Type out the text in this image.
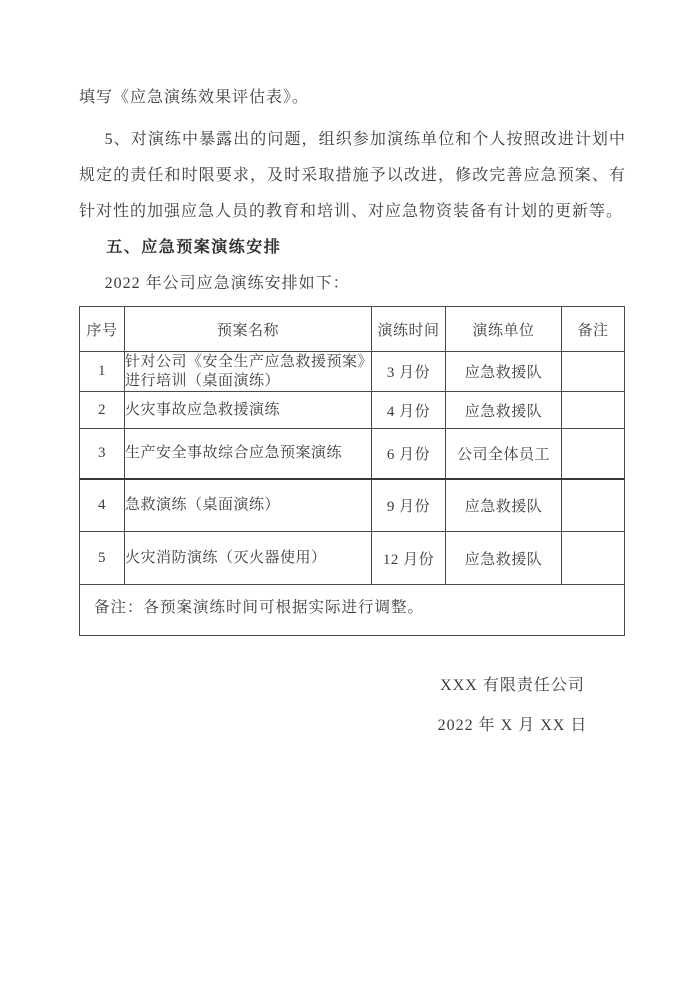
填写《应急演练效果评估表》。

5、对演练中暴露出的问题，组织参加演练单位和个人按照改进计划中规定的责任和时限要求，及时采取措施予以改进，修改完善应急预案、有针对性的加强应急人员的教育和培训、对应急物资装备有计划的更新等。

五、应急预案演练安排

2022 年公司应急演练安排如下：

序号	预案名称	演练时间	演练单位	备注
1	针对公司《安全生产应急救援预案》进行培训（桌面演练）	3 月份	应急救援队	
2	火灾事故应急救援演练	4 月份	应急救援队	
3	生产安全事故综合应急预案演练	6 月份	公司全体员工	
4	急救演练（桌面演练）	9 月份	应急救援队	
5	火灾消防演练（灭火器使用）	12 月份	应急救援队	
备注：各预案演练时间可根据实际进行调整。				

XXX 有限责任公司

2022 年 X 月 XX 日
